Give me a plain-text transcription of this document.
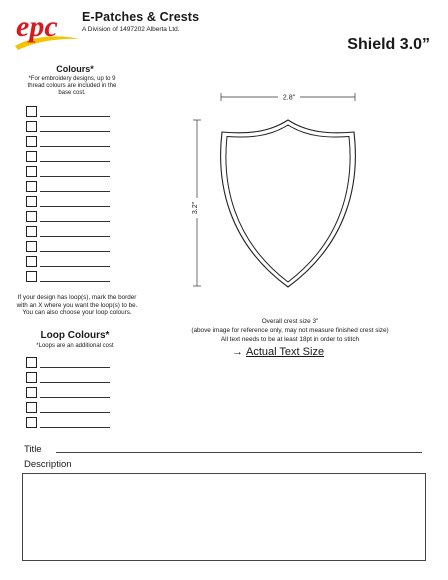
epc E-Patches & Crests
A Division of 1497202 Alberta Ltd.
Shield 3.0”
Colours*
*For embroidery designs, up to 9 thread colours are included in the base cost.
If your design has loop(s), mark the border with an X where you want the loop(s) to be. You can also choose your loop colours.
Loop Colours*
*Loops are an additional cost
2.8"
3.2"
Overall crest size 3"
(above image for reference only, may not measure finished crest size)
All text needs to be at least 18pt in order to stitch
→ Actual Text Size
Title
Description
